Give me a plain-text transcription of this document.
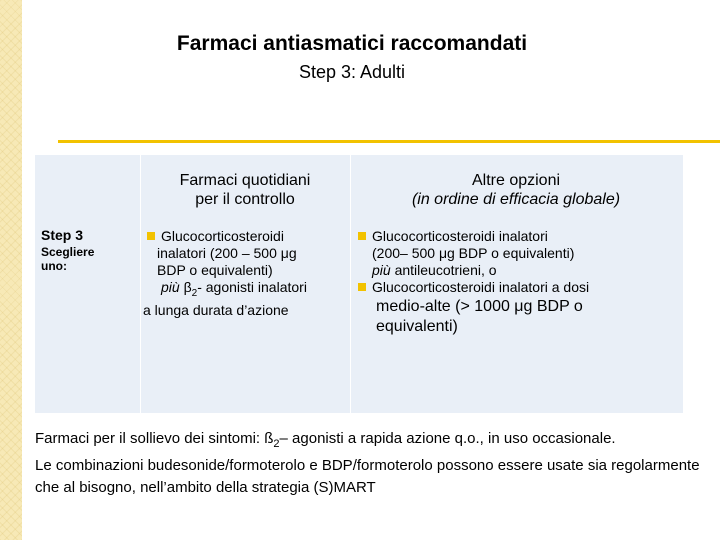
Farmaci antiasmatici raccomandati
Step 3: Adulti
Farmaci quotidiani
per il controllo
Altre opzioni
(in ordine di efficacia globale)
Step 3
Scegliere
uno:
Glucocorticosteroidi
inalatori (200 – 500 μg
BDP o equivalenti)
più $\beta_2-$ agonisti inalatori
a lunga durata d’azione
Glucocorticosteroidi inalatori
(200– 500 μg BDP o equivalenti)
più antileucotrieni, o
Glucocorticosteroidi inalatori a dosi
medio-alte (> 1000 μg BDP o
equivalenti)

Farmaci per il sollievo dei sintomi: $ß_2-$ agonisti a rapida azione q.o., in uso occasionale.

Le combinazioni budesonide/formoterolo e BDP/formoterolo possono essere usate sia regolarmente che al bisogno, nell’ambito della strategia (S)MART
